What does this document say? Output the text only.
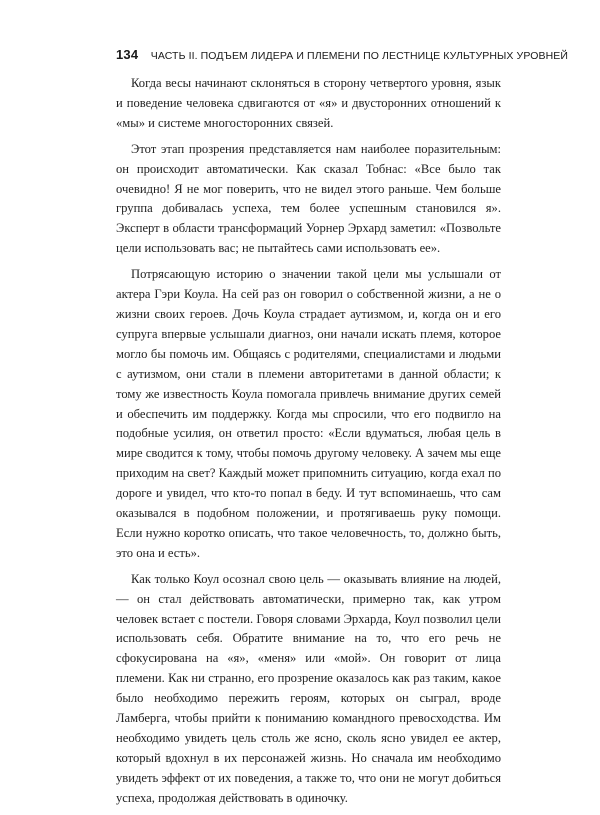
134 ЧАСТЬ II. ПОДЪЕМ ЛИДЕРА И ПЛЕМЕНИ ПО ЛЕСТНИЦЕ КУЛЬТУРНЫХ УРОВНЕЙ

Когда весы начинают склоняться в сторону четвертого уровня, язык и поведение человека сдвигаются от «я» и двусторонних отношений к «мы» и системе многосторонних связей.

Этот этап прозрения представляется нам наиболее поразительным: он происходит автоматически. Как сказал Тобнас: «Все было так очевидно! Я не мог поверить, что не видел этого раньше. Чем больше группа добивалась успеха, тем более успешным становился я». Эксперт в области трансформаций Уорнер Эрхард заметил: «Позвольте цели использовать вас; не пытайтесь сами использовать ее».

Потрясающую историю о значении такой цели мы услышали от актера Гэри Коула. На сей раз он говорил о собственной жизни, а не о жизни своих героев. Дочь Коула страдает аутизмом, и, когда он и его супруга впервые услышали диагноз, они начали искать племя, которое могло бы помочь им. Общаясь с родителями, специалистами и людьми с аутизмом, они стали в племени авторитетами в данной области; к тому же известность Коула помогала привлечь внимание других семей и обеспечить им поддержку. Когда мы спросили, что его подвигло на подобные усилия, он ответил просто: «Если вдуматься, любая цель в мире сводится к тому, чтобы помочь другому человеку. А зачем мы еще приходим на свет? Каждый может припомнить ситуацию, когда ехал по дороге и увидел, что кто-то попал в беду. И тут вспоминаешь, что сам оказывался в подобном положении, и протягиваешь руку помощи. Если нужно коротко описать, что такое человечность, то, должно быть, это она и есть».

Как только Коул осознал свою цель — оказывать влияние на людей, — он стал действовать автоматически, примерно так, как утром человек встает с постели. Говоря словами Эрхарда, Коул позволил цели использовать себя. Обратите внимание на то, что его речь не сфокусирована на «я», «меня» или «мой». Он говорит от лица племени. Как ни странно, его прозрение оказалось как раз таким, какое было необходимо пережить героям, которых он сыграл, вроде Ламберга, чтобы прийти к пониманию командного превосходства. Им необходимо увидеть цель столь же ясно, сколь ясно увидел ее актер, который вдохнул в их персонажей жизнь. Но сначала им необходимо увидеть эффект от их поведения, а также то, что они не могут добиться успеха, продолжая действовать в одиночку.
